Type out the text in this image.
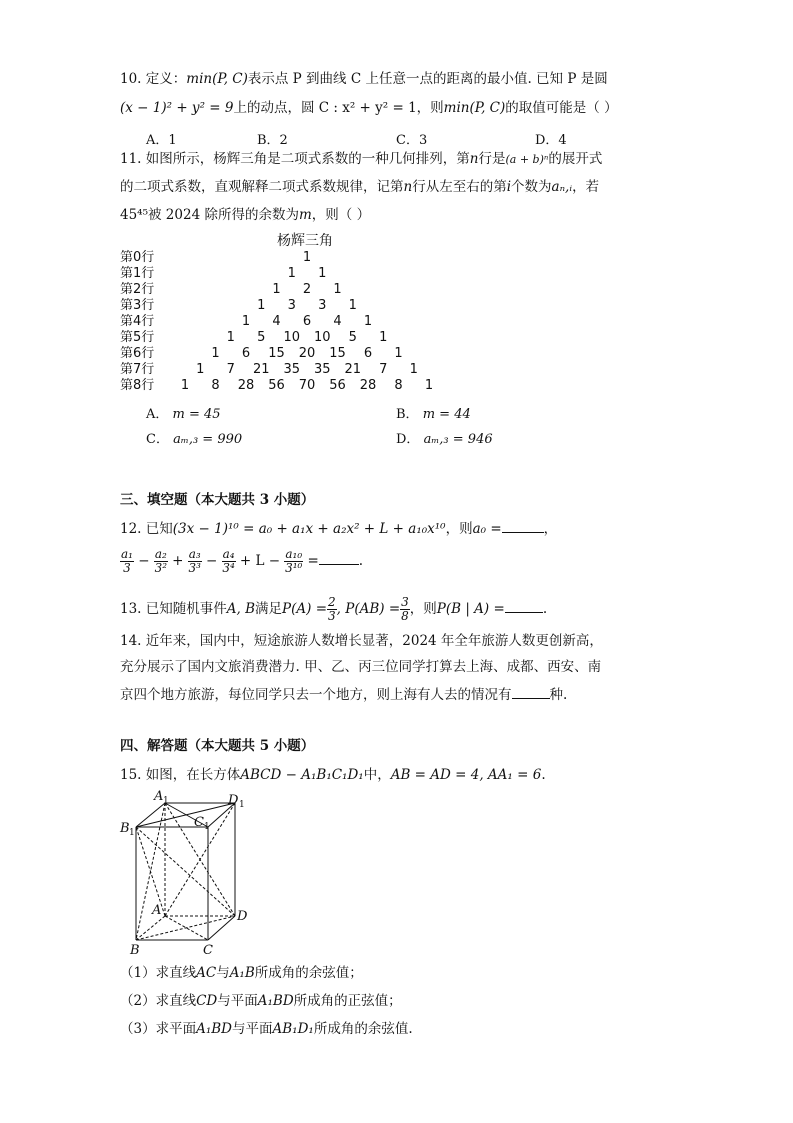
10. 定义：min(P, C)表示点 P 到曲线 C 上任意一点的距离的最小值. 已知 P 是圆
(x − 1)² + y² = 9上的动点，圆 C : x² + y² = 1，则min(P, C)的取值可能是（ ）
A．1	B．2	C．3	D．4
11. 如图所示，杨辉三角是二项式系数的一种几何排列，第n行是(a + b)ⁿ的展开式
的二项式系数，直观解释二项式系数规律，记第n行从左至右的第i个数为aₙ,ᵢ，若
45⁴⁵被 2024 除所得的余数为m，则（ ）
杨辉三角
第0行	1
第1行	1	1
第2行	1	2	1
第3行	1	3	3	1
第4行	1	4	6	4	1
第5行	1	5	10	10	5	1
第6行	1	6	15	20	15	6	1
第7行	1	7	21	35	35	21	7	1
第8行	1	8	28	56	70	56	28	8	1
A． m = 45	B． m = 44
C． aₘ,₃ = 990	D． aₘ,₃ = 946
三、填空题（本大题共 3 小题）
12. 已知(3x − 1)¹⁰ = a₀ + a₁x + a₂x² + L + a₁₀x¹⁰，则a₀ =	，
$\frac{\text{a₁}}{3} - \frac{\text{a₂}}{\text{3²}} + \frac{\text{a₃}}{\text{3³}} - \frac{\text{a₄}}{\text{3⁴}} + L - \frac{\text{a₁₀}}{\text{3¹⁰}}$ =	.
13. 已知随机事件A, B满足$P(A) = \frac{2}{3}$ , $P(AB) = \frac{3}{8}$ ，则P(B | A) =	.
14. 近年来，国内中，短途旅游人数增长显著，2024 年全年旅游人数更创新高，
充分展示了国内文旅消费潜力. 甲、乙、丙三位同学打算去上海、成都、西安、南
京四个地方旅游，每位同学只去一个地方，则上海有人去的情况有	种.
四、解答题（本大题共 5 小题）
15. 如图，在长方体ABCD − A₁B₁C₁D₁中，AB = AD = 4, AA₁ = 6.
A 1	D 1
B 1
C 1
A	D
B	C
（1）求直线AC与A₁B所成角的余弦值；
（2）求直线CD与平面A₁BD所成角的正弦值；
（3）求平面A₁BD与平面AB₁D₁所成角的余弦值.
